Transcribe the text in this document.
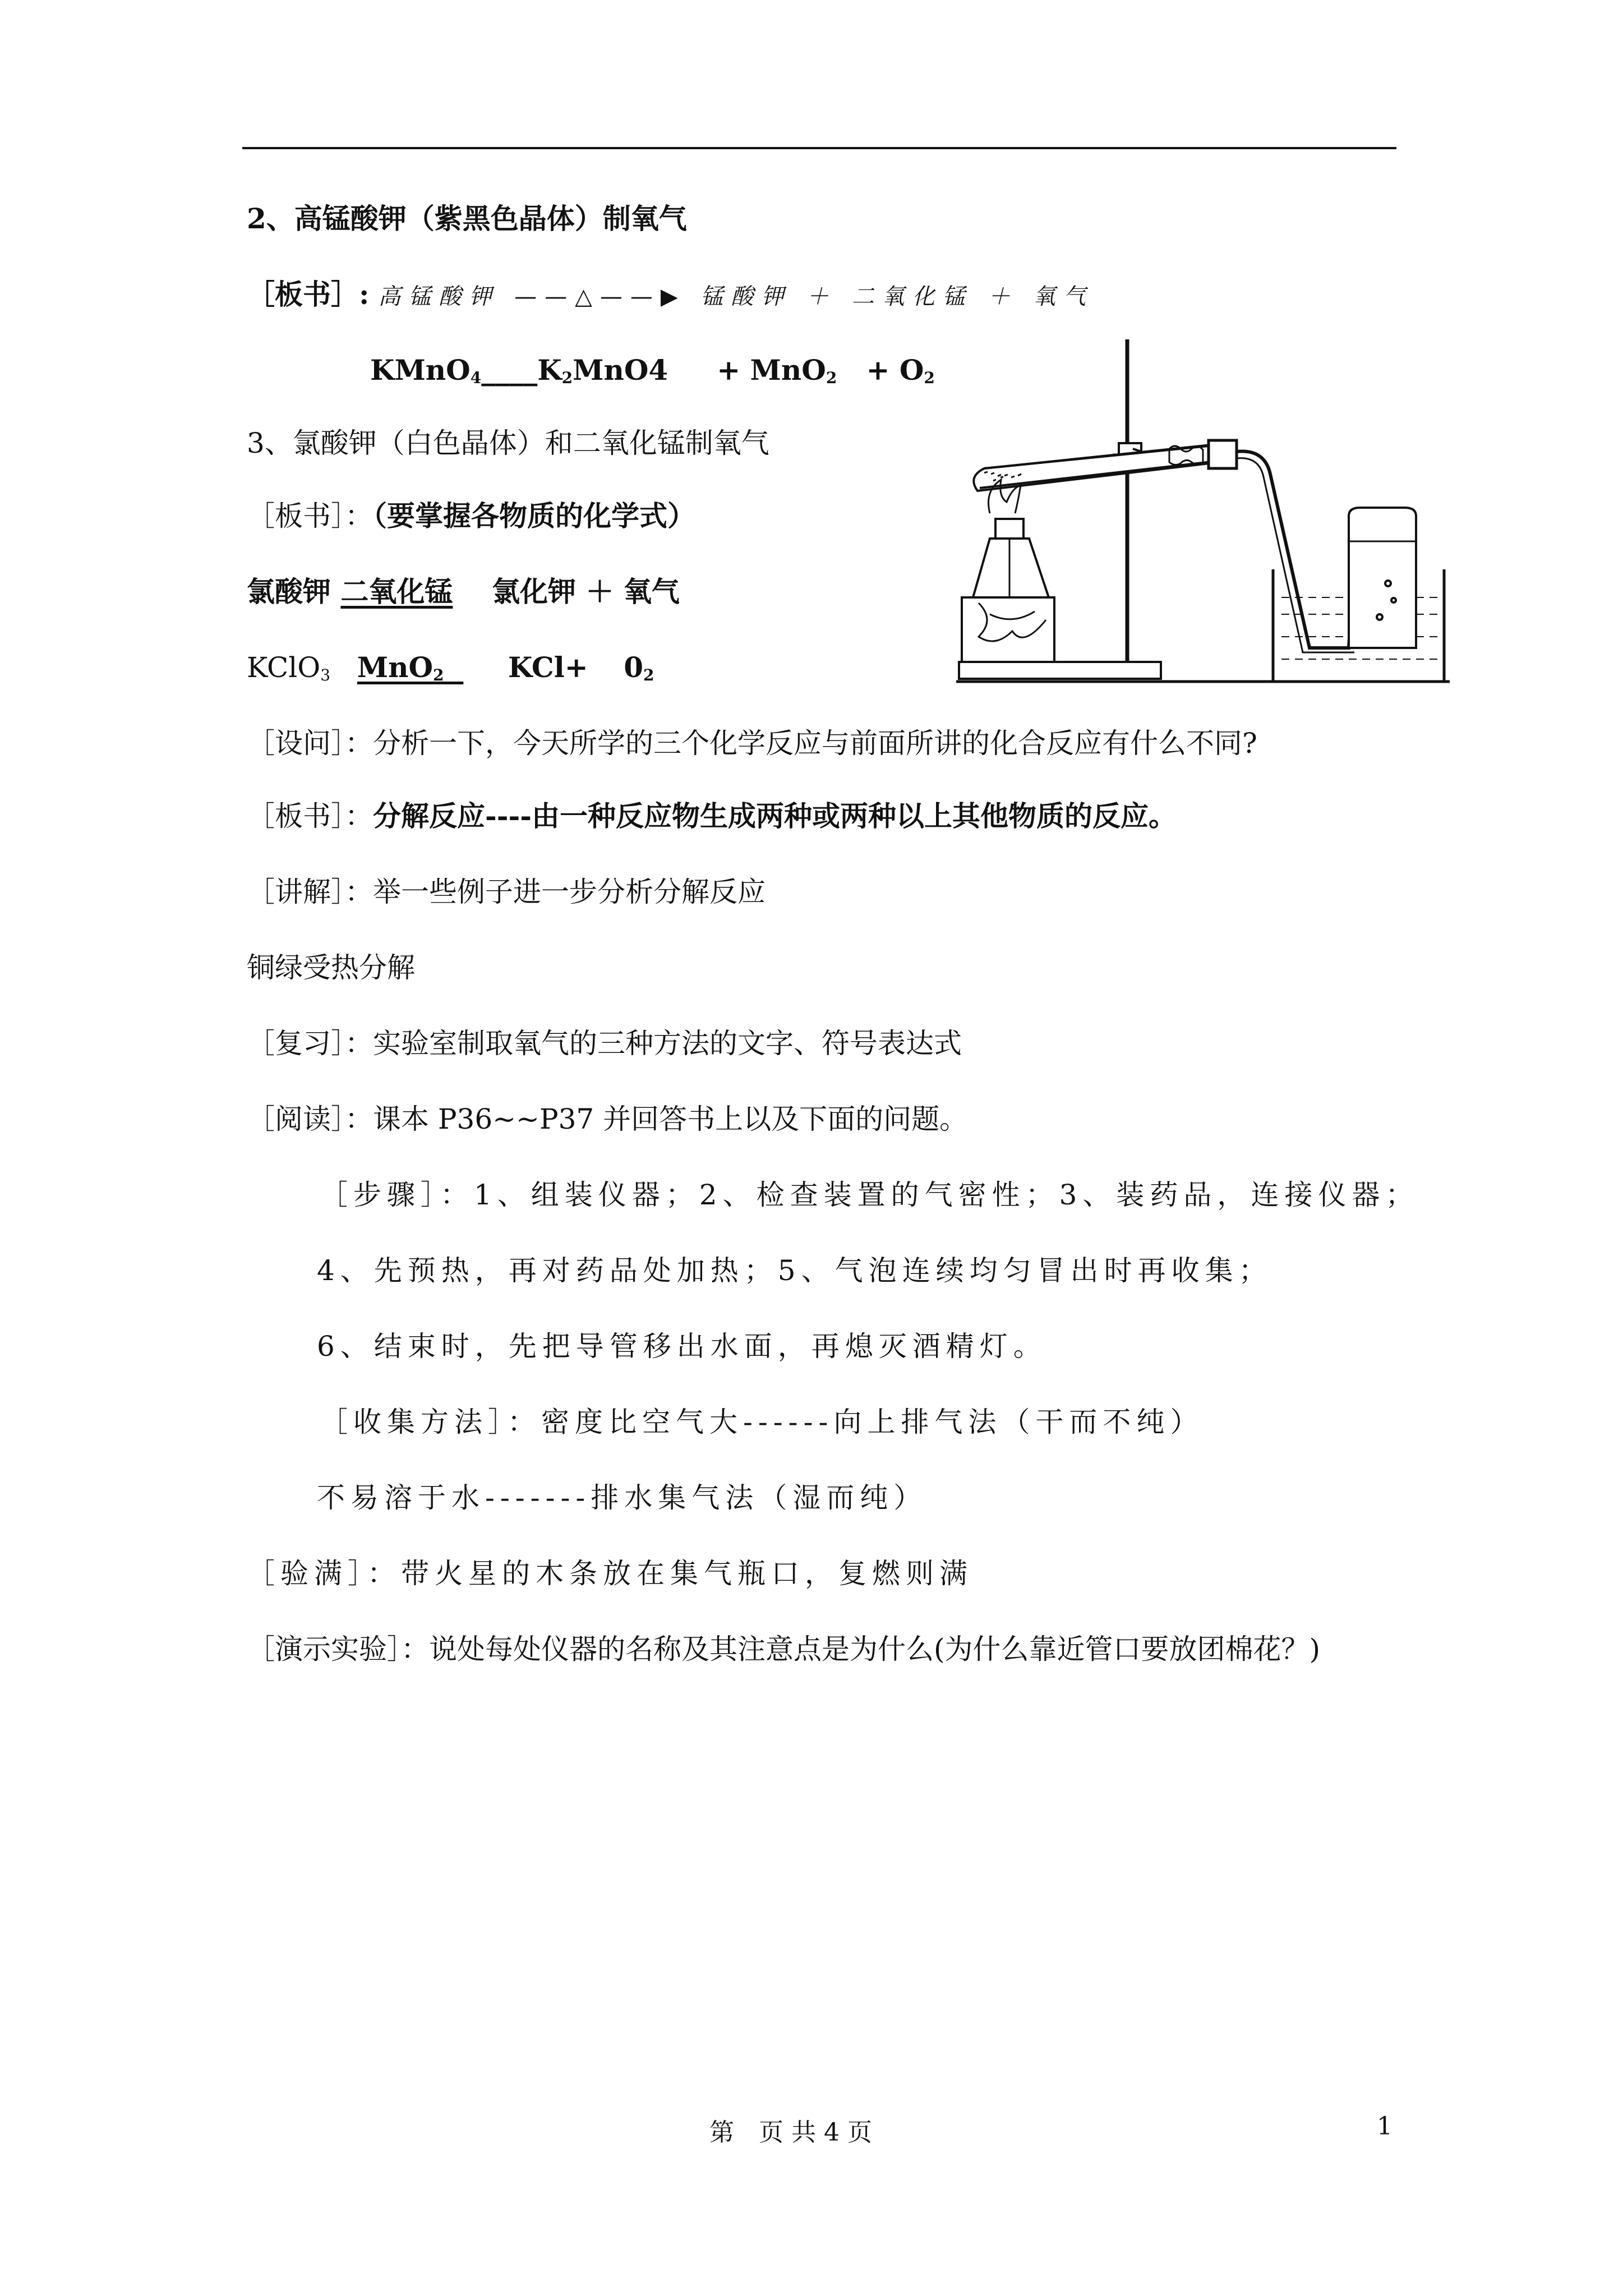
2、高锰酸钾（紫黑色晶体）制氧气
［板书］: 高锰酸钾 ——△——▶ 锰酸钾 ＋ 二氧化锰 ＋ 氧气
$KMnO_4\_\_\_\_K_2MnO4 + MnO_2 + O_2$
3、氯酸钾（白色晶体）和二氧化锰制氧气
［板书］：（要掌握各物质的化学式）
氯酸钾 二氧化锰 氯化钾 ＋ 氧气
KClO$_3$ MnO$_2$ $KCl+ 0_2$
［设问］：分析一下，今天所学的三个化学反应与前面所讲的化合反应有什么不同?
［板书］：分解反应----由一种反应物生成两种或两种以上其他物质的反应。
［讲解］：举一些例子进一步分析分解反应
铜绿受热分解
［复习］：实验室制取氧气的三种方法的文字、符号表达式
［阅读］：课本 P36~~P37 并回答书上以及下面的问题。
［步骤］：1、组装仪器；2、检查装置的气密性；3、装药品，连接仪器；
4、先预热，再对药品处加热；5、气泡连续均匀冒出时再收集；
6、结束时，先把导管移出水面，再熄灭酒精灯。
［收集方法］：密度比空气大------向上排气法（干而不纯）
不易溶于水-------排水集气法（湿而纯）
［验满］：带火星的木条放在集气瓶口，复燃则满
［演示实验］：说处每处仪器的名称及其注意点是为什么(为什么靠近管口要放团棉花？)
第　页 共 4 页	1
